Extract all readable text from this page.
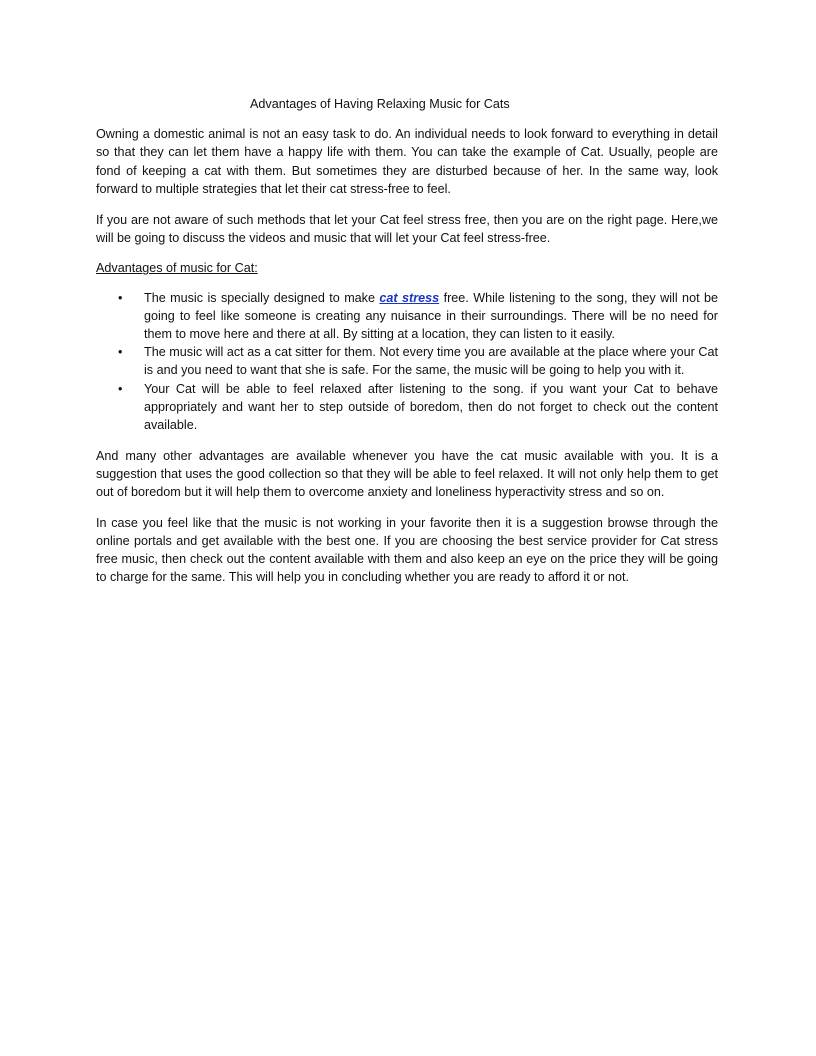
Advantages of Having Relaxing Music for Cats

Owning a domestic animal is not an easy task to do. An individual needs to look forward to everything in detail so that they can let them have a happy life with them. You can take the example of Cat. Usually, people are fond of keeping a cat with them. But sometimes they are disturbed because of her. In the same way, look forward to multiple strategies that let their cat stress-free to feel.

If you are not aware of such methods that let your Cat feel stress free, then you are on the right page. Here,we will be going to discuss the videos and music that will let your Cat feel stress-free.

Advantages of music for Cat:
• The music is specially designed to make cat stress free. While listening to the song, they will not be going to feel like someone is creating any nuisance in their surroundings. There will be no need for them to move here and there at all. By sitting at a location, they can listen to it easily.
• The music will act as a cat sitter for them. Not every time you are available at the place where your Cat is and you need to want that she is safe. For the same, the music will be going to help you with it.
• Your Cat will be able to feel relaxed after listening to the song. if you want your Cat to behave appropriately and want her to step outside of boredom, then do not forget to check out the content available.

And many other advantages are available whenever you have the cat music available with you. It is a suggestion that uses the good collection so that they will be able to feel relaxed. It will not only help them to get out of boredom but it will help them to overcome anxiety and loneliness hyperactivity stress and so on.

In case you feel like that the music is not working in your favorite then it is a suggestion browse through the online portals and get available with the best one. If you are choosing the best service provider for Cat stress free music, then check out the content available with them and also keep an eye on the price they will be going to charge for the same. This will help you in concluding whether you are ready to afford it or not.
